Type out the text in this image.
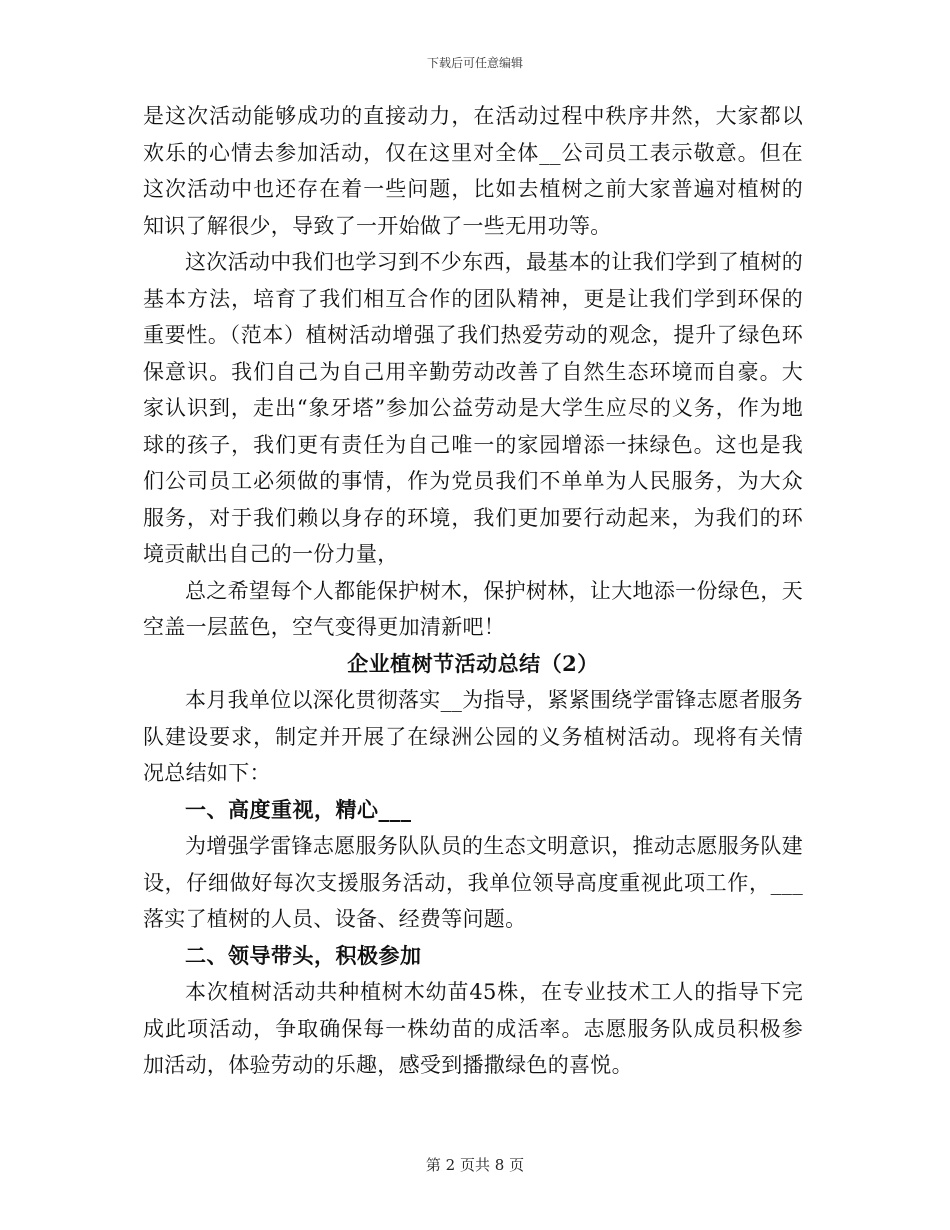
下载后可任意编辑

是这次活动能够成功的直接动力，在活动过程中秩序井然，大家都以欢乐的心情去参加活动，仅在这里对全体__公司员工表示敬意。但在这次活动中也还存在着一些问题，比如去植树之前大家普遍对植树的知识了解很少，导致了一开始做了一些无用功等。

这次活动中我们也学习到不少东西，最基本的让我们学到了植树的基本方法，培育了我们相互合作的团队精神，更是让我们学到环保的重要性。（范本）植树活动增强了我们热爱劳动的观念，提升了绿色环保意识。我们自己为自己用辛勤劳动改善了自然生态环境而自豪。大家认识到，走出“象牙塔”参加公益劳动是大学生应尽的义务，作为地球的孩子，我们更有责任为自己唯一的家园增添一抹绿色。这也是我们公司员工必须做的事情，作为党员我们不单单为人民服务，为大众服务，对于我们赖以身存的环境，我们更加要行动起来，为我们的环境贡献出自己的一份力量，

总之希望每个人都能保护树木，保护树林，让大地添一份绿色，天空盖一层蓝色，空气变得更加清新吧！

企业植树节活动总结（2）

本月我单位以深化贯彻落实__为指导，紧紧围绕学雷锋志愿者服务队建设要求，制定并开展了在绿洲公园的义务植树活动。现将有关情况总结如下：

一、高度重视，精心___

为增强学雷锋志愿服务队队员的生态文明意识，推动志愿服务队建设，仔细做好每次支援服务活动，我单位领导高度重视此项工作，___落实了植树的人员、设备、经费等问题。

二、领导带头，积极参加

本次植树活动共种植树木幼苗45株，在专业技术工人的指导下完成此项活动，争取确保每一株幼苗的成活率。志愿服务队成员积极参加活动，体验劳动的乐趣，感受到播撒绿色的喜悦。

第 2 页共 8 页
